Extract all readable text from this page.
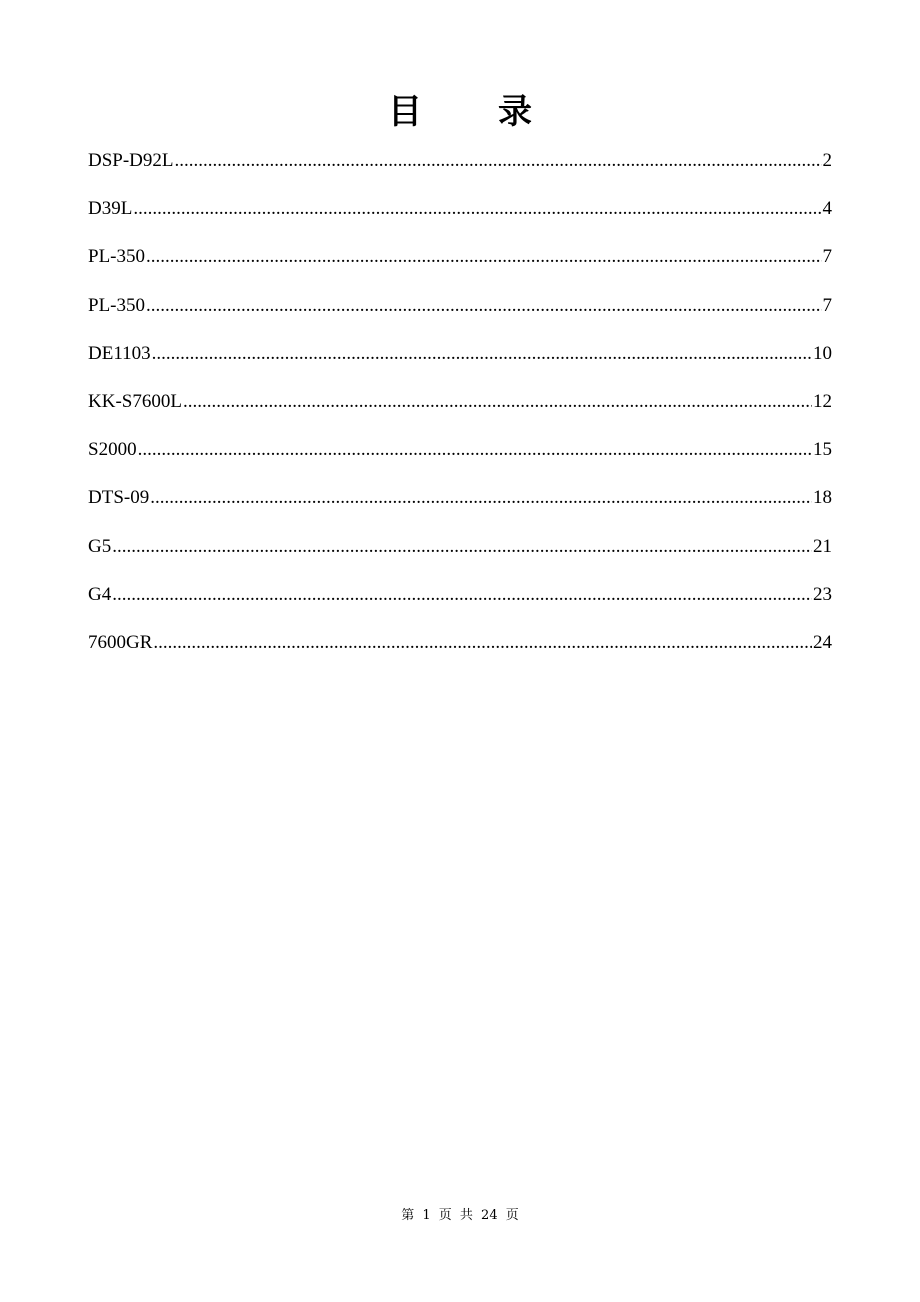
目 录
DSP-D92L .....	2
D39L .....	4
PL-350 .....	7
PL-350 .....	7
DE1103 .....	10
KK-S7600L .....	12
S2000 .....	15
DTS-09 .....	18
G5 .....	21
G4 .....	23
7600GR .....	24
第 1 页 共 24 页
